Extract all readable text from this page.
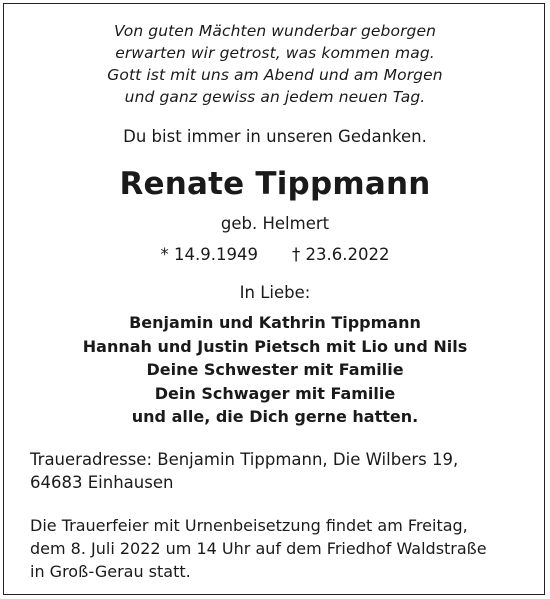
Von guten Mächten wunderbar geborgen
erwarten wir getrost, was kommen mag.
Gott ist mit uns am Abend und am Morgen
und ganz gewiss an jedem neuen Tag.
Du bist immer in unseren Gedanken.
Renate Tippmann
geb. Helmert
* 14.9.1949 † 23.6.2022
In Liebe:
Benjamin und Kathrin Tippmann
Hannah und Justin Pietsch mit Lio und Nils
Deine Schwester mit Familie
Dein Schwager mit Familie
und alle, die Dich gerne hatten.
Traueradresse: Benjamin Tippmann, Die Wilbers 19,
64683 Einhausen
Die Trauerfeier mit Urnenbeisetzung findet am Freitag,
dem 8. Juli 2022 um 14 Uhr auf dem Friedhof Waldstraße
in Groß-Gerau statt.
